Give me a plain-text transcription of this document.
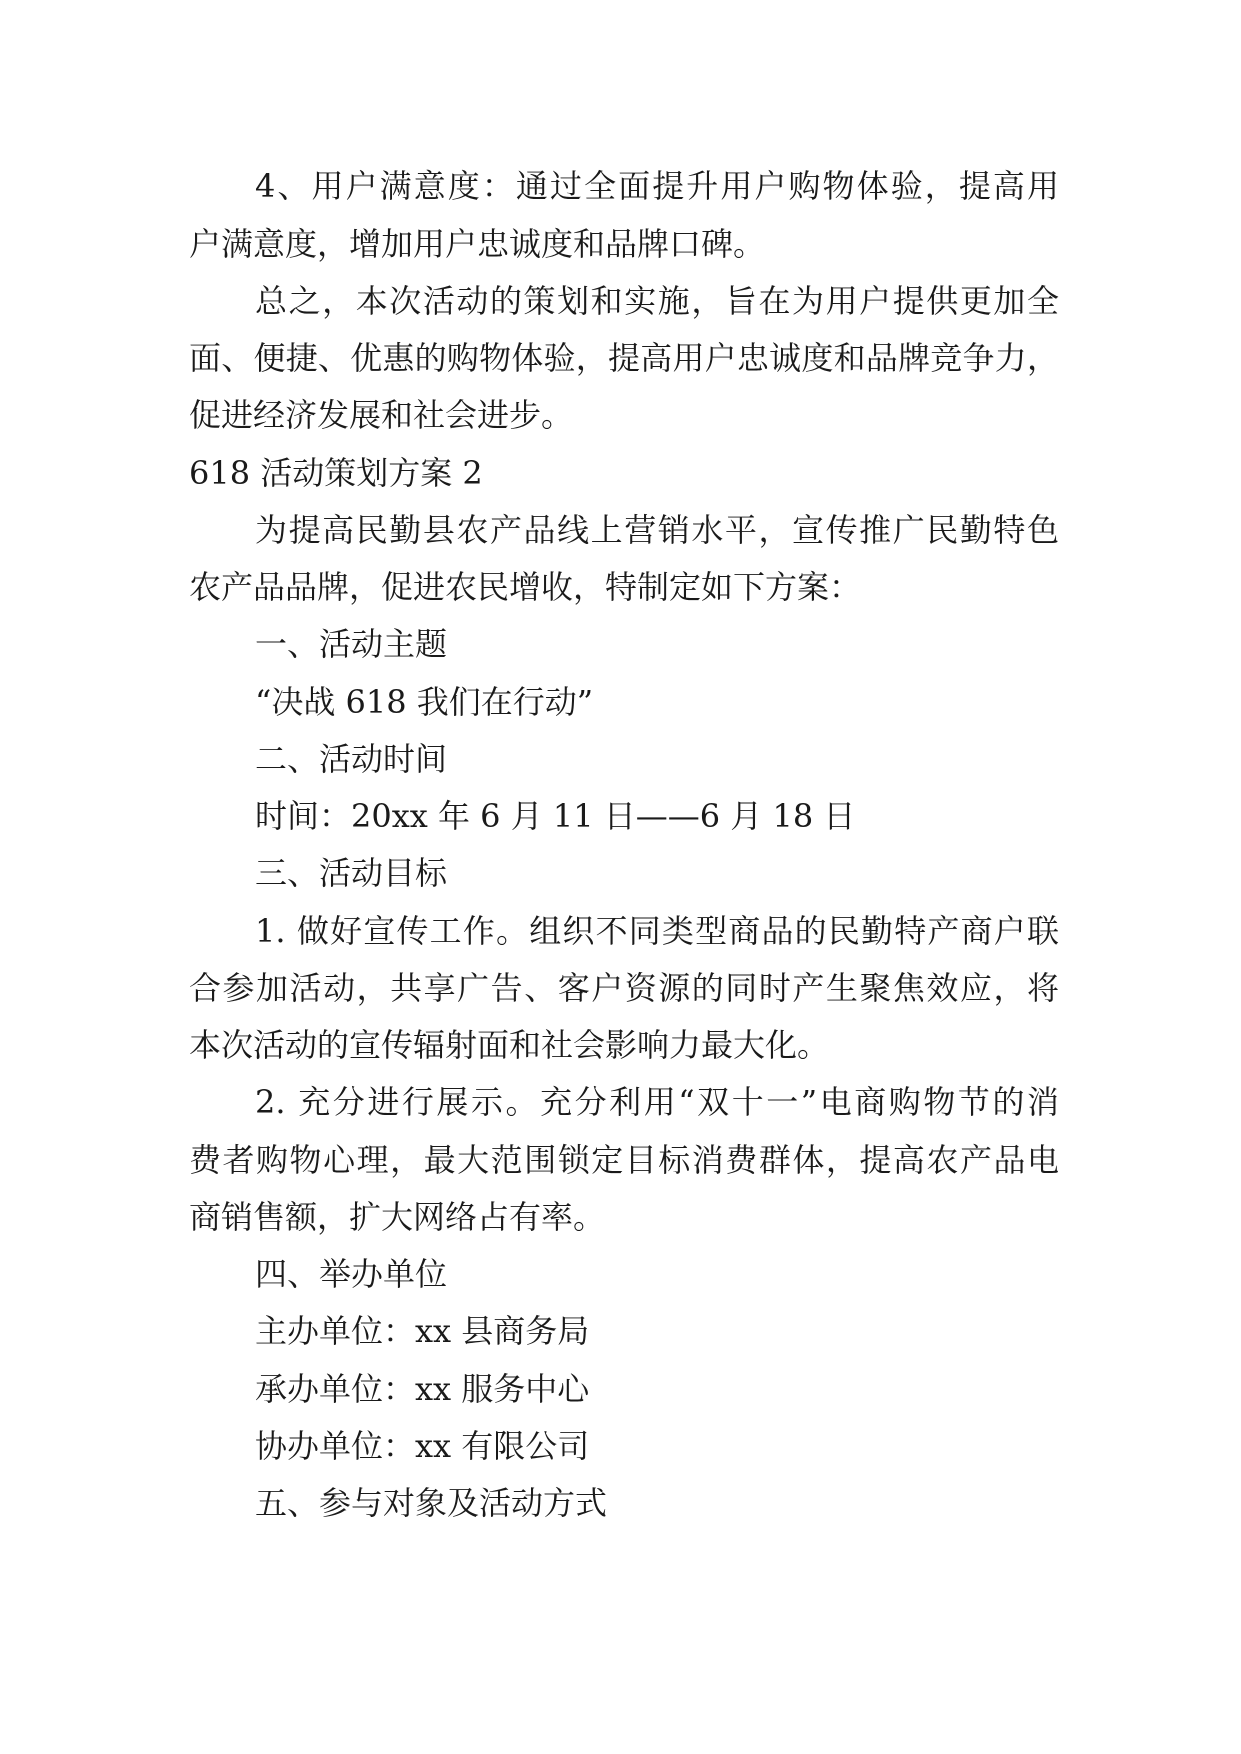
4、用户满意度：通过全面提升用户购物体验，提高用
户满意度，增加用户忠诚度和品牌口碑。
总之，本次活动的策划和实施，旨在为用户提供更加全
面、便捷、优惠的购物体验，提高用户忠诚度和品牌竞争力，
促进经济发展和社会进步。
618 活动策划方案 2
为提高民勤县农产品线上营销水平，宣传推广民勤特色
农产品品牌，促进农民增收，特制定如下方案：
一、活动主题
“决战 618 我们在行动”
二、活动时间
时间：20xx 年 6 月 11 日——6 月 18 日
三、活动目标
1. 做好宣传工作。组织不同类型商品的民勤特产商户联
合参加活动，共享广告、客户资源的同时产生聚焦效应，将
本次活动的宣传辐射面和社会影响力最大化。
2. 充分进行展示。充分利用“双十一”电商购物节的消
费者购物心理，最大范围锁定目标消费群体，提高农产品电
商销售额，扩大网络占有率。
四、举办单位
主办单位：xx 县商务局
承办单位：xx 服务中心
协办单位：xx 有限公司
五、参与对象及活动方式
